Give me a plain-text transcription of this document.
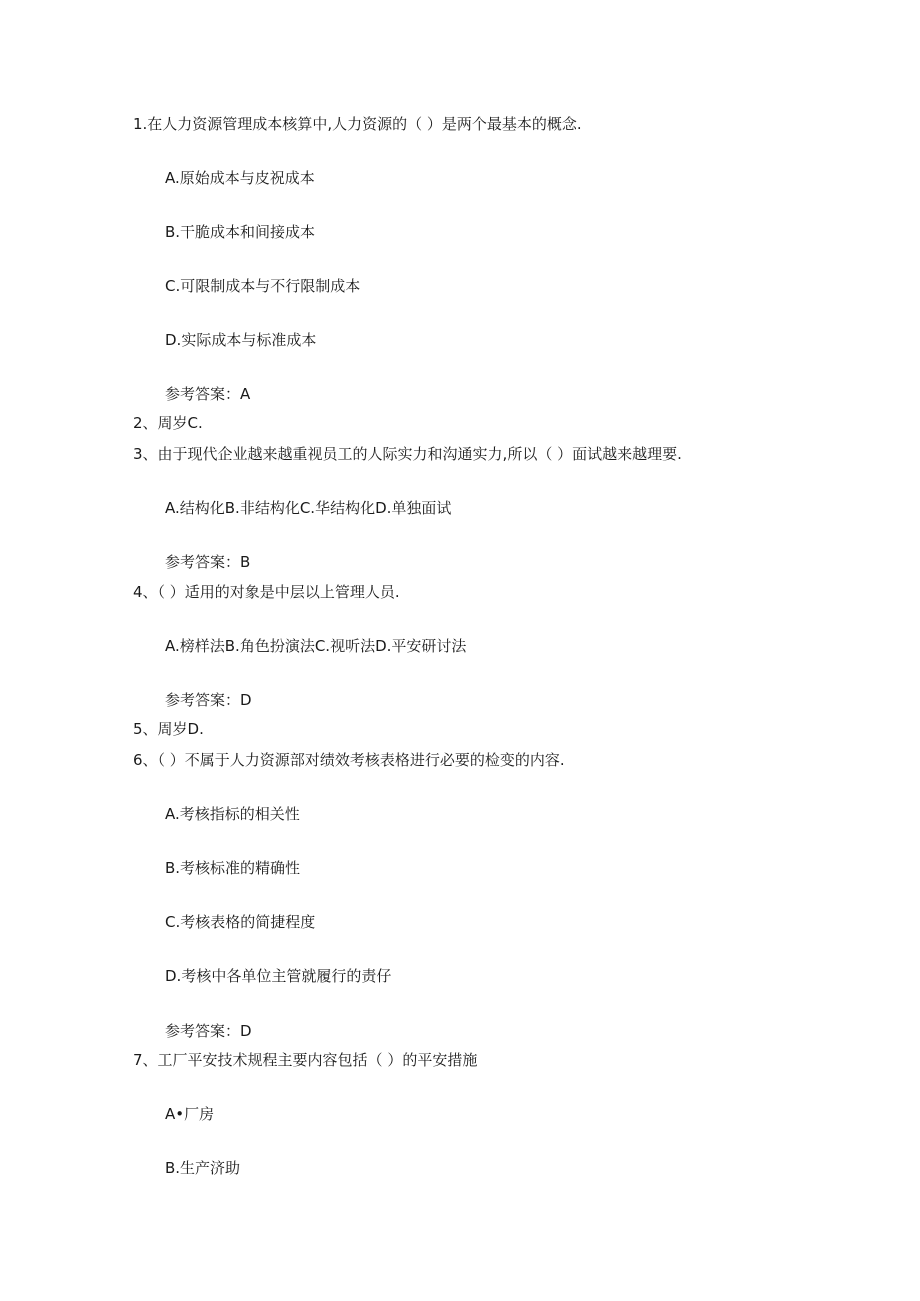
1.在人力资源管理成本核算中,人力资源的（ ）是两个最基本的概念.
A.原始成本与皮祝成本
B.干脆成本和间接成本
C.可限制成本与不行限制成本
D.实际成本与标准成本
参考答案：A
2、周岁C.
3、由于现代企业越来越重视员工的人际实力和沟通实力,所以（ ）面试越来越理要.
A.结构化B.非结构化C.华结构化D.单独面试
参考答案：B
4、（ ）适用的对象是中层以上管理人员.
A.榜样法B.角色扮演法C.视听法D.平安研讨法
参考答案：D
5、周岁D.
6、（ ）不属于人力资源部对绩效考核表格进行必要的检变的内容.
A.考核指标的相关性
B.考核标准的精确性
C.考核表格的简捷程度
D.考核中各单位主管就履行的责仔
参考答案：D
7、工厂平安技术规程主要内容包括（ ）的平安措施
A•厂房
B.生产济助
